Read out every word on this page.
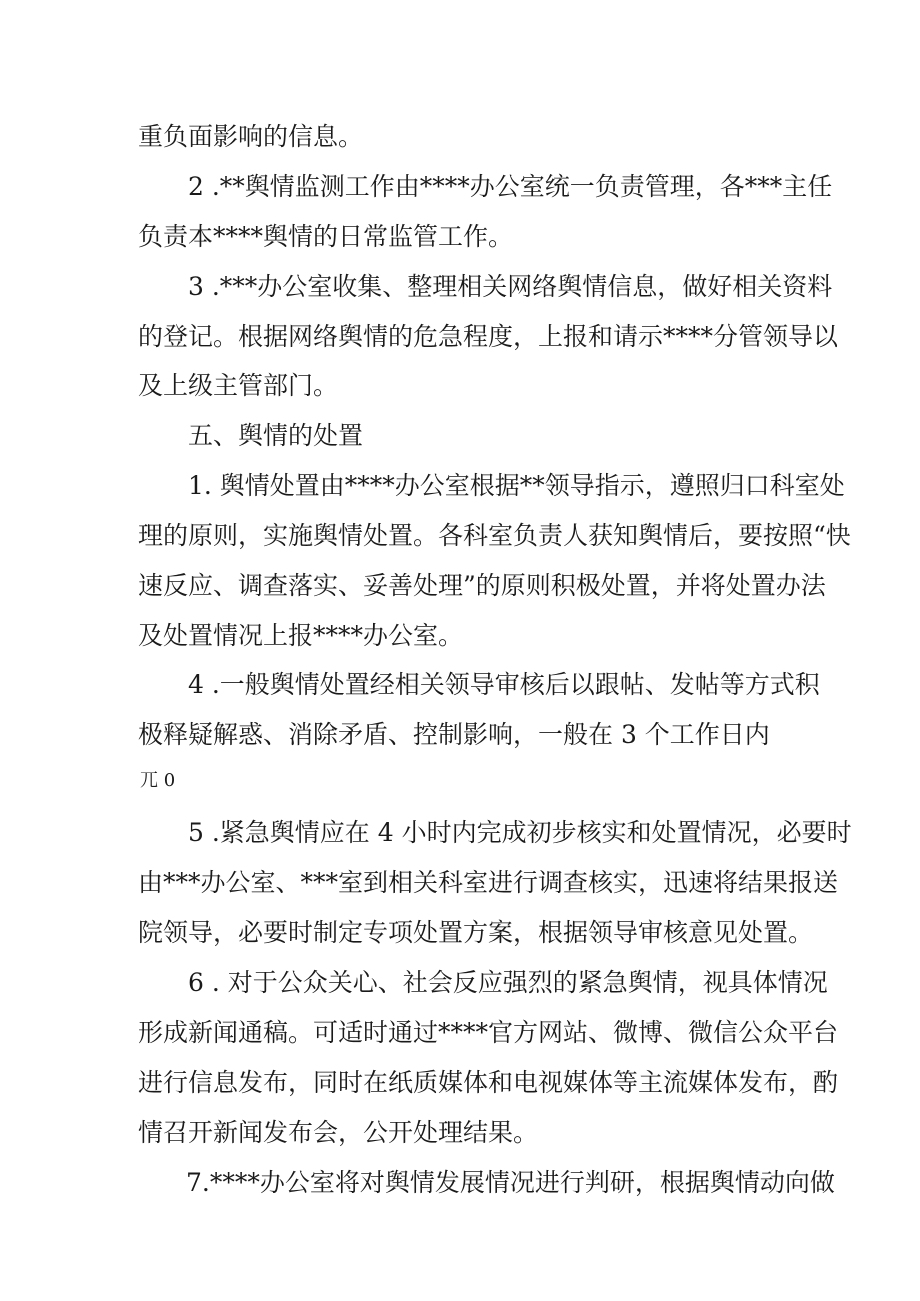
重负面影响的信息。
2 .**舆情监测工作由****办公室统一负责管理，各***主任
负责本****舆情的日常监管工作。
3 .***办公室收集、整理相关网络舆情信息，做好相关资料
的登记。根据网络舆情的危急程度，上报和请示****分管领导以
及上级主管部门。
五、舆情的处置
1. 舆情处置由****办公室根据**领导指示，遵照归口科室处
理的原则，实施舆情处置。各科室负责人获知舆情后，要按照“快
速反应、调查落实、妥善处理”的原则积极处置，并将处置办法
及处置情况上报****办公室。
4 .一般舆情处置经相关领导审核后以跟帖、发帖等方式积
极释疑解惑、消除矛盾、控制影响，一般在 3 个工作日内
兀 0
5 .紧急舆情应在 4 小时内完成初步核实和处置情况，必要时
由***办公室、***室到相关科室进行调查核实，迅速将结果报送
院领导，必要时制定专项处置方案，根据领导审核意见处置。
6 . 对于公众关心、社会反应强烈的紧急舆情，视具体情况
形成新闻通稿。可适时通过****官方网站、微博、微信公众平台
进行信息发布，同时在纸质媒体和电视媒体等主流媒体发布，酌
情召开新闻发布会，公开处理结果。
7.****办公室将对舆情发展情况进行判研，根据舆情动向做
